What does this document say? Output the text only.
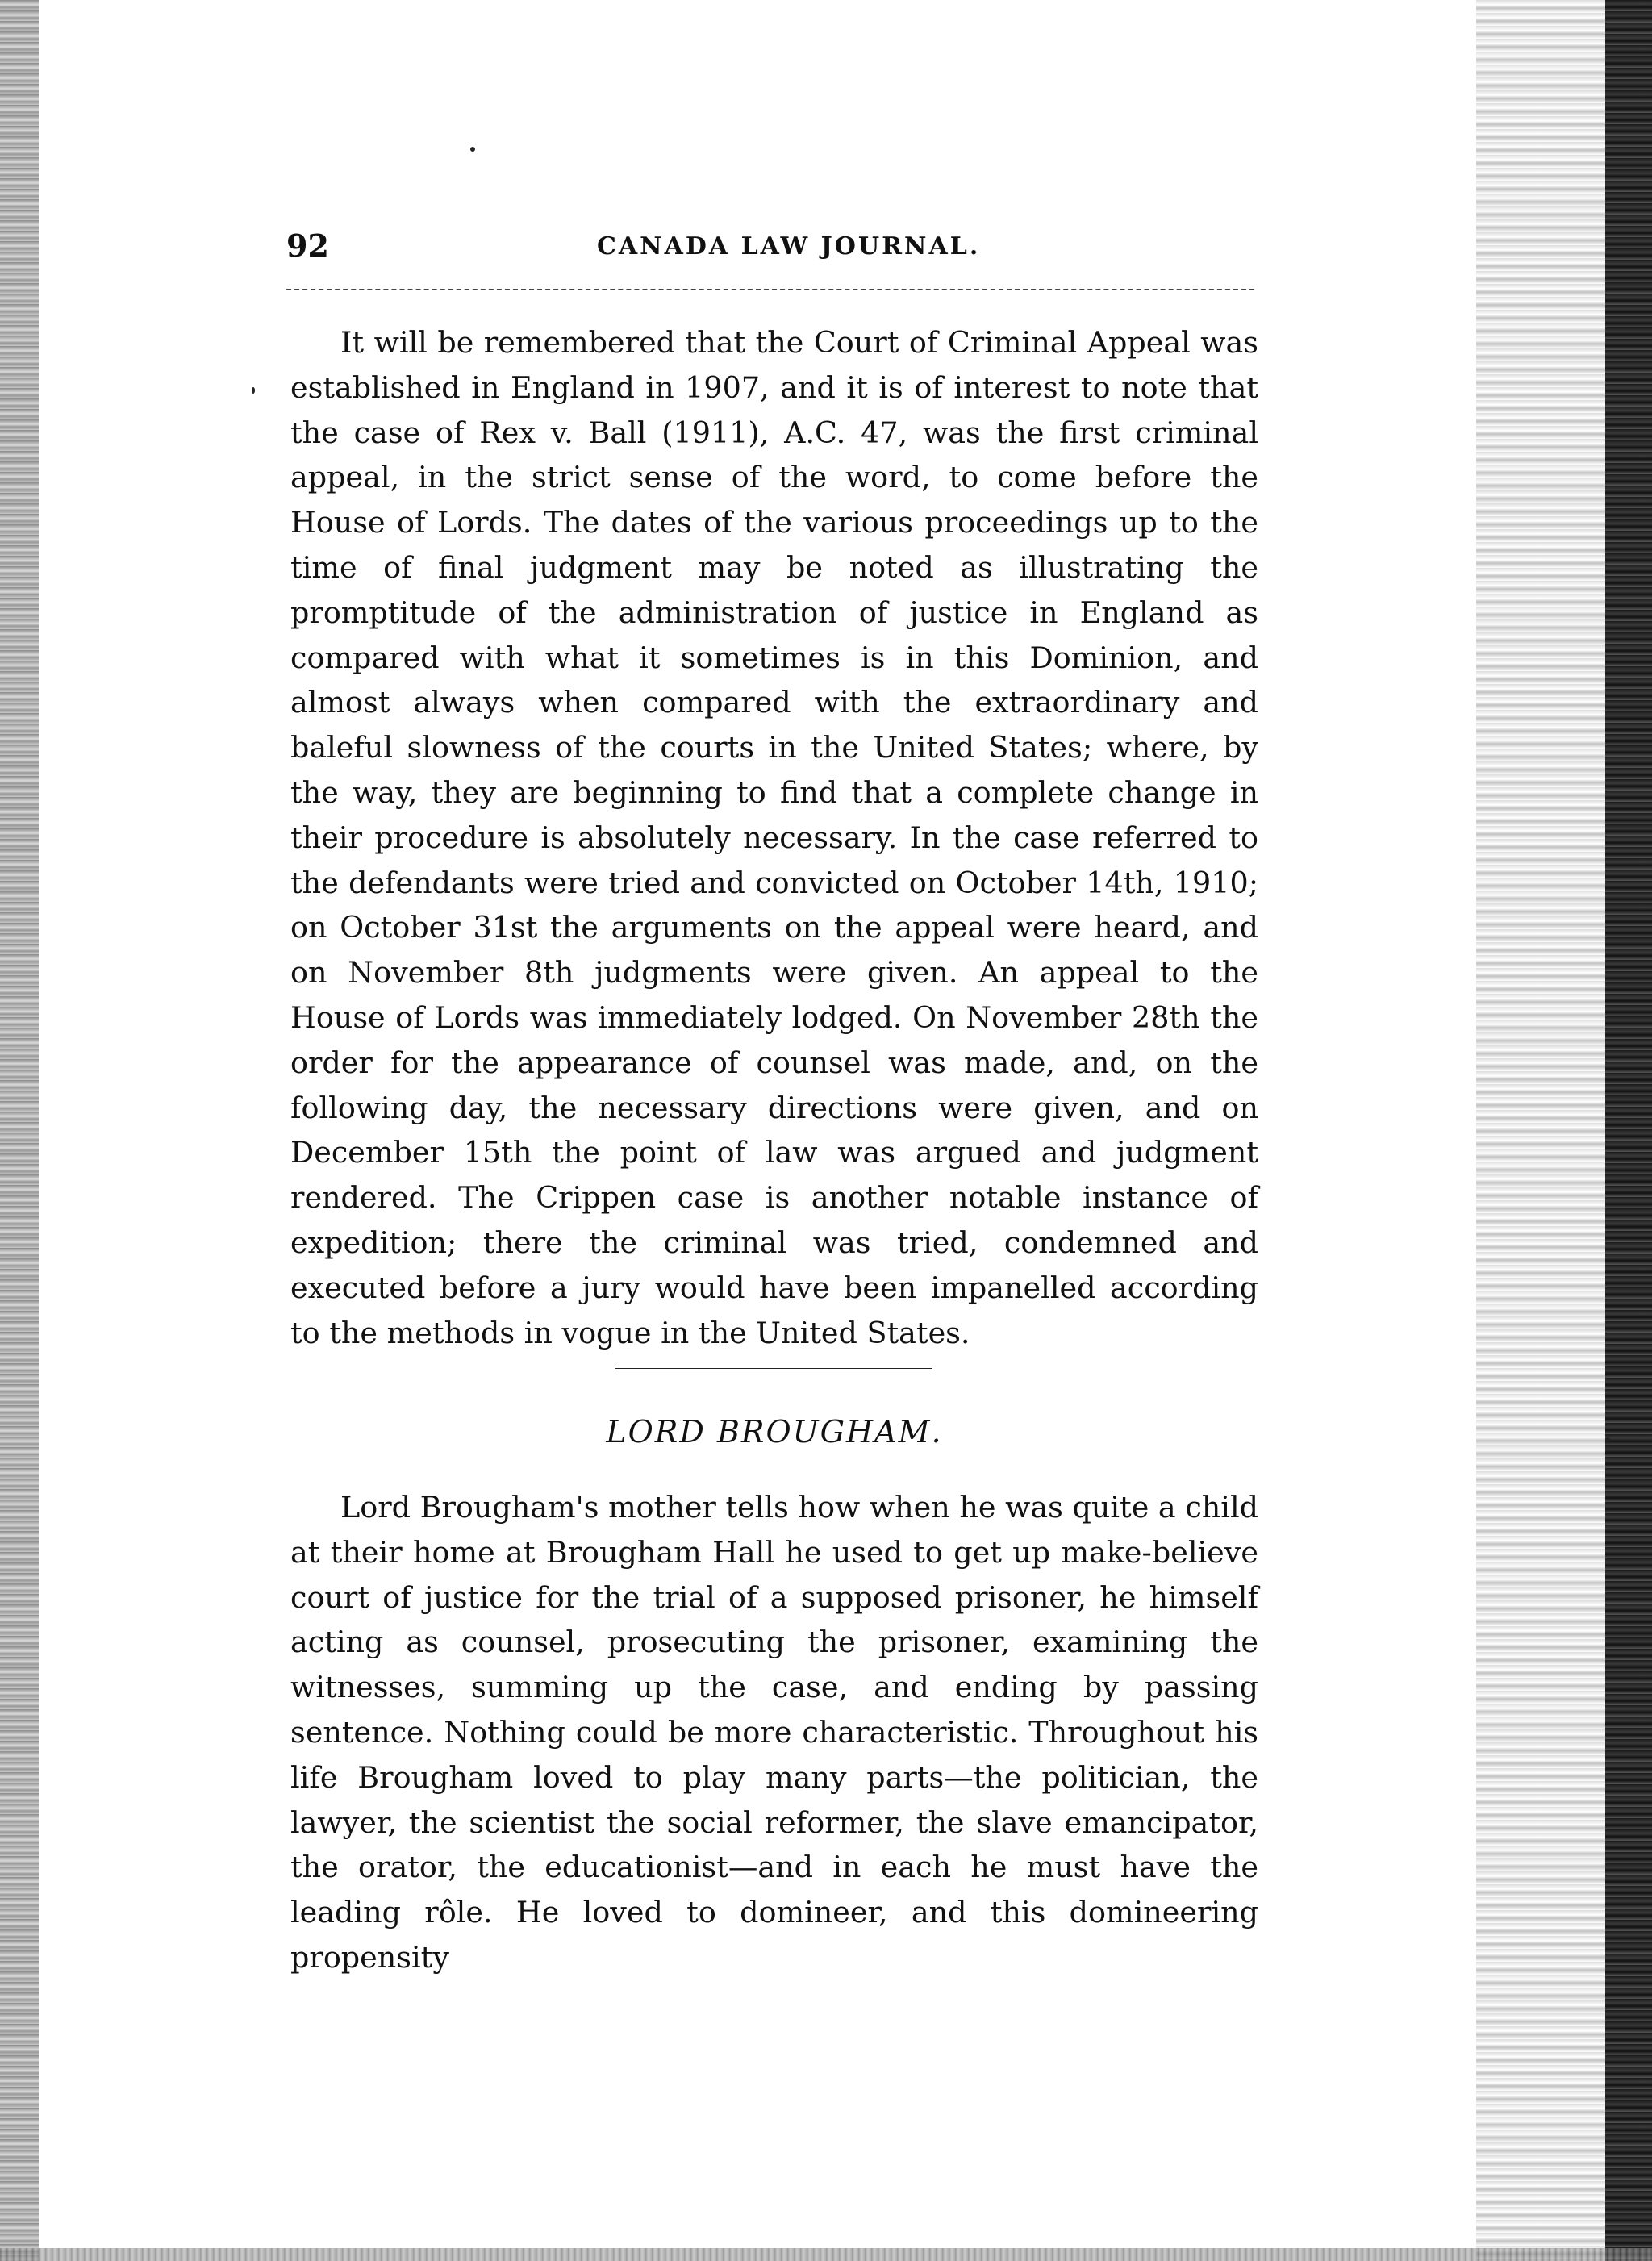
92	CANADA LAW JOURNAL.

It will be remembered that the Court of Criminal Appeal was established in England in 1907, and it is of interest to note that the case of Rex v. Ball (1911), A.C. 47, was the first criminal appeal, in the strict sense of the word, to come before the House of Lords. The dates of the various proceedings up to the time of final judgment may be noted as illustrating the promptitude of the administration of justice in England as compared with what it sometimes is in this Dominion, and almost always when compared with the extraordinary and baleful slowness of the courts in the United States; where, by the way, they are beginning to find that a complete change in their procedure is absolutely necessary. In the case referred to the defendants were tried and convicted on October 14th, 1910; on October 31st the arguments on the appeal were heard, and on November 8th judgments were given. An appeal to the House of Lords was immediately lodged. On November 28th the order for the appearance of counsel was made, and, on the following day, the necessary directions were given, and on December 15th the point of law was argued and judgment rendered. The Crippen case is another notable instance of expedition; there the criminal was tried, condemned and executed before a jury would have been impanelled according to the methods in vogue in the United States.

LORD BROUGHAM.

Lord Brougham's mother tells how when he was quite a child at their home at Brougham Hall he used to get up make-believe court of justice for the trial of a supposed prisoner, he himself acting as counsel, prosecuting the prisoner, examining the witnesses, summing up the case, and ending by passing sentence. Nothing could be more characteristic. Throughout his life Brougham loved to play many parts—the politician, the lawyer, the scientist the social reformer, the slave emancipator, the orator, the educationist—and in each he must have the leading rôle. He loved to domineer, and this domineering propensity
